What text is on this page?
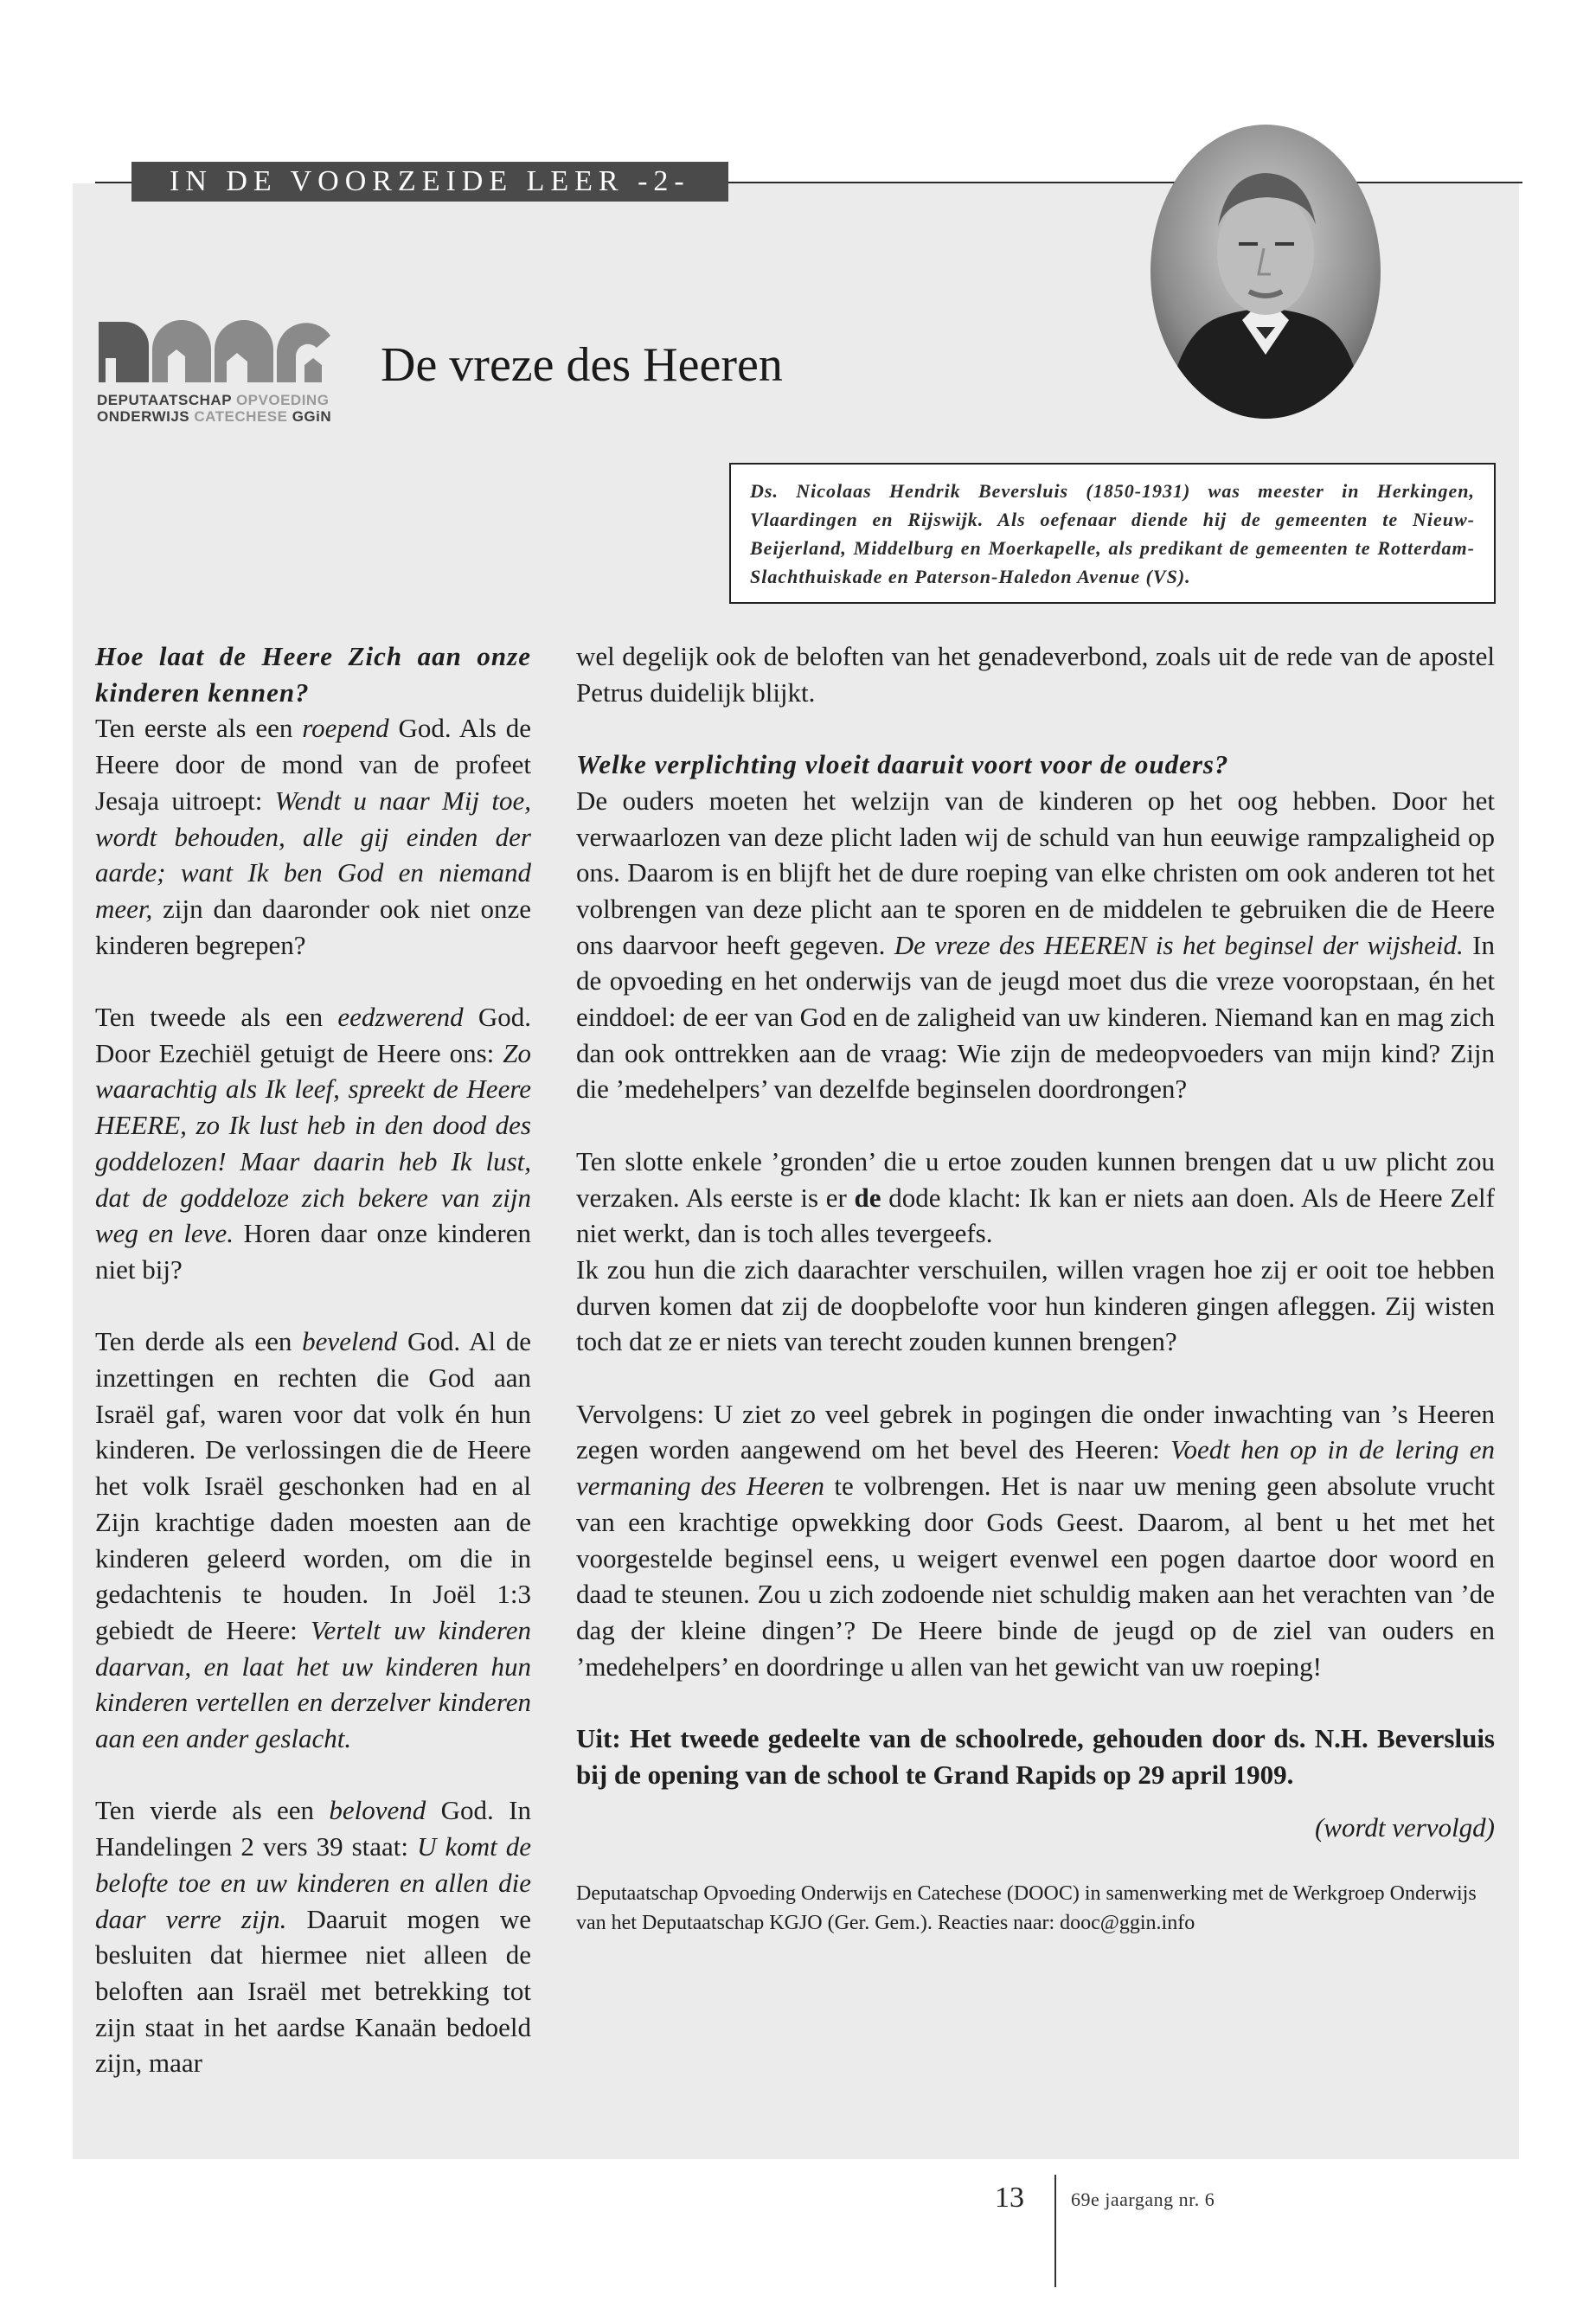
IN DE VOORZEIDE LEER -2-
DEPUTAATSCHAP OPVOEDING
ONDERWIJS CATECHESE GGiN
De vreze des Heeren
Ds. Nicolaas Hendrik Beversluis (1850-1931) was meester in Herkingen, Vlaardingen en Rijswijk. Als oefenaar diende hij de gemeenten te Nieuw-Beijerland, Middelburg en Moerkapelle, als predikant de gemeenten te Rotterdam-Slachthuiskade en Paterson-Haledon Avenue (VS).

Hoe laat de Heere Zich aan onze kinderen kennen?

Ten eerste als een roepend God. Als de Heere door de mond van de profeet Jesaja uitroept: Wendt u naar Mij toe, wordt behouden, alle gij einden der aarde; want Ik ben God en niemand meer, zijn dan daaronder ook niet onze kinderen begrepen?

Ten tweede als een eedzwerend God. Door Ezechiël getuigt de Heere ons: Zo waarachtig als Ik leef, spreekt de Heere HEERE, zo Ik lust heb in den dood des goddelozen! Maar daarin heb Ik lust, dat de goddeloze zich bekere van zijn weg en leve. Horen daar onze kinderen niet bij?

Ten derde als een bevelend God. Al de inzettingen en rechten die God aan Israël gaf, waren voor dat volk én hun kinderen. De verlossingen die de Heere het volk Israël geschonken had en al Zijn krachtige daden moesten aan de kinderen geleerd worden, om die in gedachtenis te houden. In Joël 1:3 gebiedt de Heere: Vertelt uw kinderen daarvan, en laat het uw kinderen hun kinderen vertellen en derzelver kinderen aan een ander geslacht.

Ten vierde als een belovend God. In Handelingen 2 vers 39 staat: U komt de belofte toe en uw kinderen en allen die daar verre zijn. Daaruit mogen we besluiten dat hiermee niet alleen de beloften aan Israël met betrekking tot zijn staat in het aardse Kanaän bedoeld zijn, maar

wel degelijk ook de beloften van het genadeverbond, zoals uit de rede van de apostel Petrus duidelijk blijkt.

Welke verplichting vloeit daaruit voort voor de ouders?

De ouders moeten het welzijn van de kinderen op het oog hebben. Door het verwaarlozen van deze plicht laden wij de schuld van hun eeuwige rampzaligheid op ons. Daarom is en blijft het de dure roeping van elke christen om ook anderen tot het volbrengen van deze plicht aan te sporen en de middelen te gebruiken die de Heere ons daarvoor heeft gegeven. De vreze des HEEREN is het beginsel der wijsheid. In de opvoeding en het onderwijs van de jeugd moet dus die vreze vooropstaan, én het einddoel: de eer van God en de zaligheid van uw kinderen. Niemand kan en mag zich dan ook onttrekken aan de vraag: Wie zijn de medeopvoeders van mijn kind? Zijn die ’medehelpers’ van dezelfde beginselen doordrongen?

Ten slotte enkele ’gronden’ die u ertoe zouden kunnen brengen dat u uw plicht zou verzaken. Als eerste is er de dode klacht: Ik kan er niets aan doen. Als de Heere Zelf niet werkt, dan is toch alles tevergeefs.

Ik zou hun die zich daarachter verschuilen, willen vragen hoe zij er ooit toe hebben durven komen dat zij de doopbelofte voor hun kinderen gingen afleggen. Zij wisten toch dat ze er niets van terecht zouden kunnen brengen?

Vervolgens: U ziet zo veel gebrek in pogingen die onder inwachting van ’s Heeren zegen worden aangewend om het bevel des Heeren: Voedt hen op in de lering en vermaning des Heeren te volbrengen. Het is naar uw mening geen absolute vrucht van een krachtige opwekking door Gods Geest. Daarom, al bent u het met het voorgestelde beginsel eens, u weigert evenwel een pogen daartoe door woord en daad te steunen. Zou u zich zodoende niet schuldig maken aan het verachten van ’de dag der kleine dingen’? De Heere binde de jeugd op de ziel van ouders en ’medehelpers’ en doordringe u allen van het gewicht van uw roeping!

Uit: Het tweede gedeelte van de schoolrede, gehouden door ds. N.H. Beversluis bij de opening van de school te Grand Rapids op 29 april 1909.

(wordt vervolgd)

Deputaatschap Opvoeding Onderwijs en Catechese (DOOC) in samenwerking met de Werkgroep Onderwijs van het Deputaatschap KGJO (Ger. Gem.). Reacties naar: dooc@ggin.info

13 69e jaargang nr. 6
